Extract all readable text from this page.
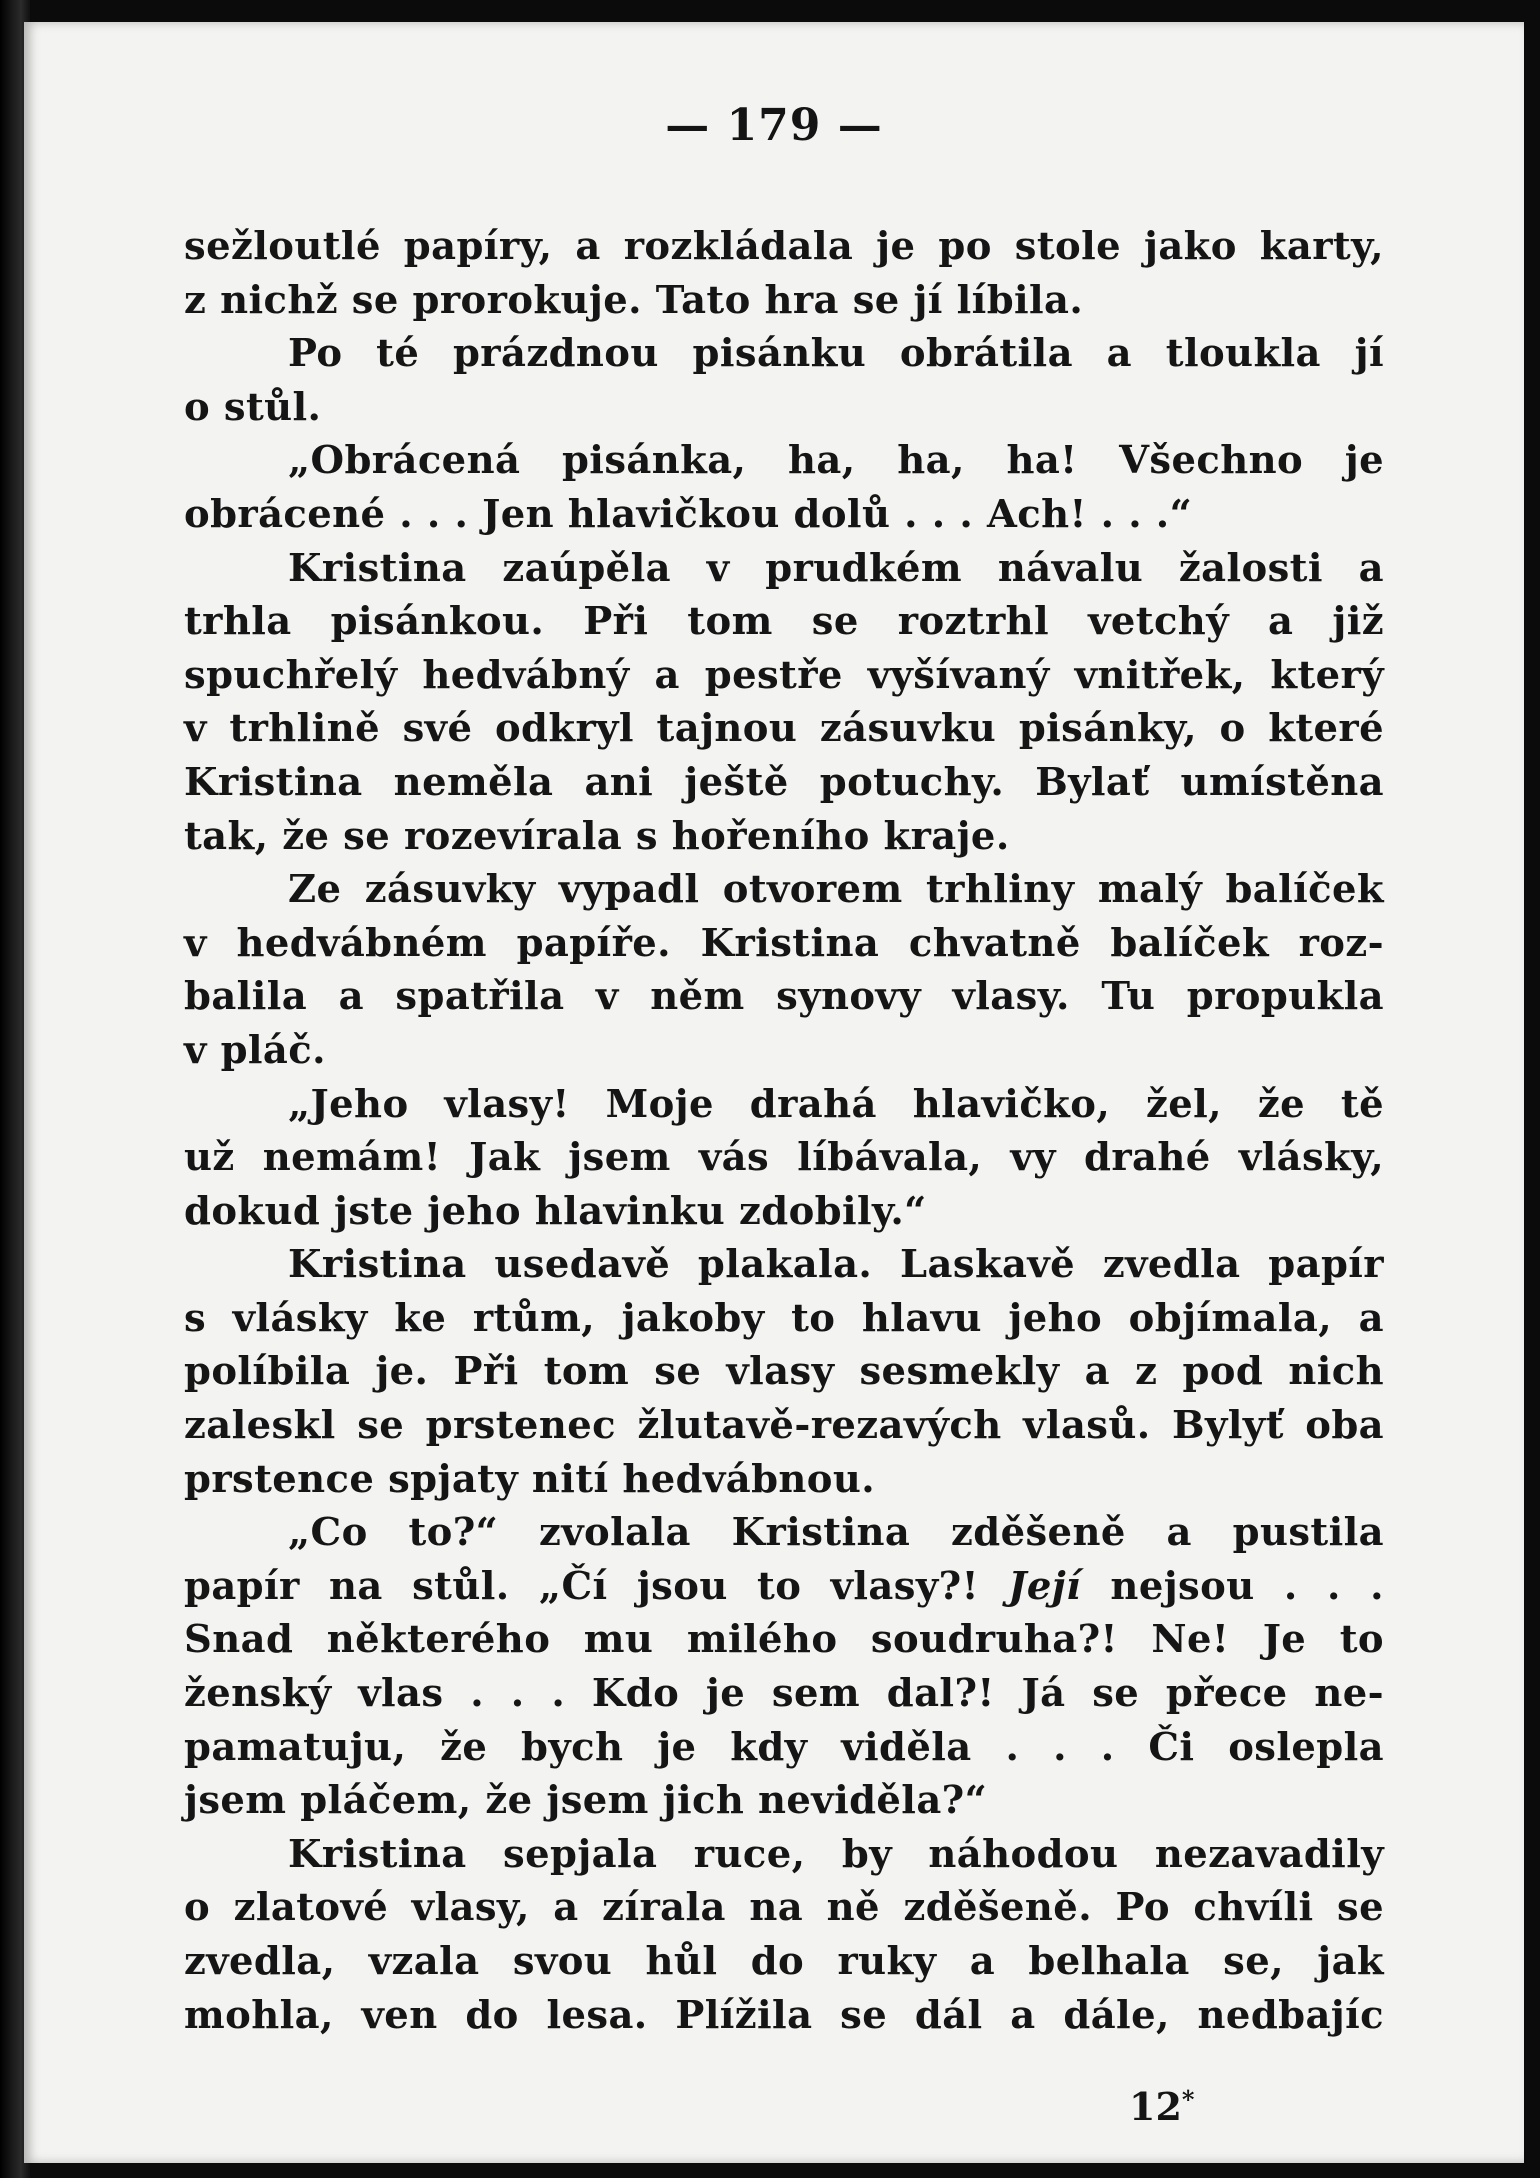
— 179 —
sežloutlé papíry, a rozkládala je po stole jako karty,
z nichž se prorokuje. Tato hra se jí líbila.
Po té prázdnou pisánku obrátila a tloukla jí
o stůl.
„Obrácená pisánka, ha, ha, ha! Všechno je
obrácené . . . Jen hlavičkou dolů . . . Ach! . . .“
Kristina zaúpěla v prudkém návalu žalosti a
trhla pisánkou. Při tom se roztrhl vetchý a již
spuchřelý hedvábný a pestře vyšívaný vnitřek, který
v trhlině své odkryl tajnou zásuvku pisánky, o které
Kristina neměla ani ještě potuchy. Bylať umístěna
tak, že se rozevírala s hořeního kraje.
Ze zásuvky vypadl otvorem trhliny malý balíček
v hedvábném papíře. Kristina chvatně balíček roz-
balila a spatřila v něm synovy vlasy. Tu propukla
v pláč.
„Jeho vlasy! Moje drahá hlavičko, žel, že tě
už nemám! Jak jsem vás líbávala, vy drahé vlásky,
dokud jste jeho hlavinku zdobily.“
Kristina usedavě plakala. Laskavě zvedla papír
s vlásky ke rtům, jakoby to hlavu jeho objímala, a
políbila je. Při tom se vlasy sesmekly a z pod nich
zaleskl se prstenec žlutavě-rezavých vlasů. Bylyť oba
prstence spjaty nití hedvábnou.
„Co to?“ zvolala Kristina zděšeně a pustila
papír na stůl. „Čí jsou to vlasy?! Její nejsou . . .
Snad některého mu milého soudruha?! Ne! Je to
ženský vlas . . . Kdo je sem dal?! Já se přece ne-
pamatuju, že bych je kdy viděla . . . Či oslepla
jsem pláčem, že jsem jich neviděla?“
Kristina sepjala ruce, by náhodou nezavadily
o zlatové vlasy, a zírala na ně zděšeně. Po chvíli se
zvedla, vzala svou hůl do ruky a belhala se, jak
mohla, ven do lesa. Plížila se dál a dále, nedbajíc
12*
